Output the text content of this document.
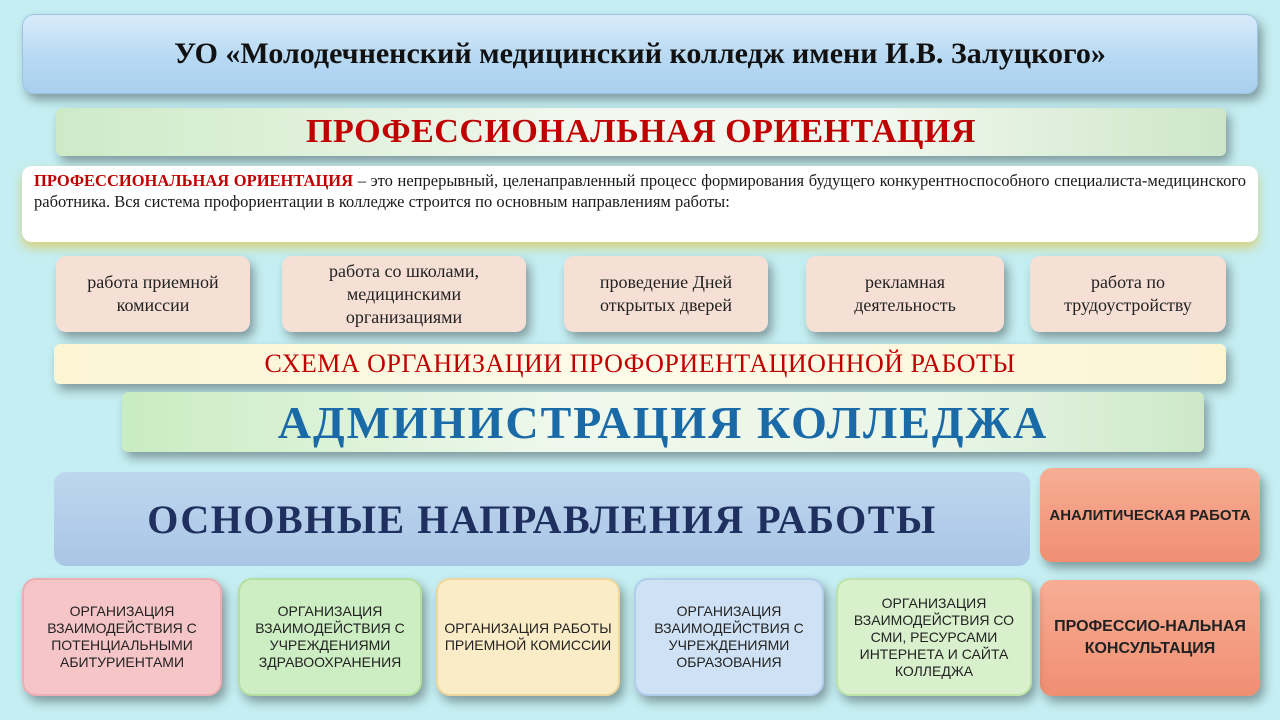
УО «Молодечненский медицинский колледж имени И.В. Залуцкого»
ПРОФЕССИОНАЛЬНАЯ ОРИЕНТАЦИЯ
ПРОФЕССИОНАЛЬНАЯ ОРИЕНТАЦИЯ – это непрерывный, целенаправленный процесс формирования будущего конкурентноспособного специалиста-медицинского работника. Вся система профориентации в колледже строится по основным направлениям работы:
работа приемной комиссии
работа со школами, медицинскими организациями
проведение Дней открытых дверей
рекламная деятельность
работа по трудоустройству
СХЕМА ОРГАНИЗАЦИИ ПРОФОРИЕНТАЦИОННОЙ РАБОТЫ
АДМИНИСТРАЦИЯ КОЛЛЕДЖА
ОСНОВНЫЕ НАПРАВЛЕНИЯ РАБОТЫ	АНАЛИТИЧЕСКАЯ РАБОТА
ПРОФЕССИО-НАЛЬНАЯ КОНСУЛЬТАЦИЯ
ОРГАНИЗАЦИЯ ВЗАИМОДЕЙСТВИЯ С ПОТЕНЦИАЛЬНЫМИ АБИТУРИЕНТАМИ
ОРГАНИЗАЦИЯ ВЗАИМОДЕЙСТВИЯ С УЧРЕЖДЕНИЯМИ ЗДРАВООХРАНЕНИЯ
ОРГАНИЗАЦИЯ РАБОТЫ ПРИЕМНОЙ КОМИССИИ
ОРГАНИЗАЦИЯ ВЗАИМОДЕЙСТВИЯ С УЧРЕЖДЕНИЯМИ ОБРАЗОВАНИЯ
ОРГАНИЗАЦИЯ ВЗАИМОДЕЙСТВИЯ СО СМИ, РЕСУРСАМИ ИНТЕРНЕТА И САЙТА КОЛЛЕДЖА
